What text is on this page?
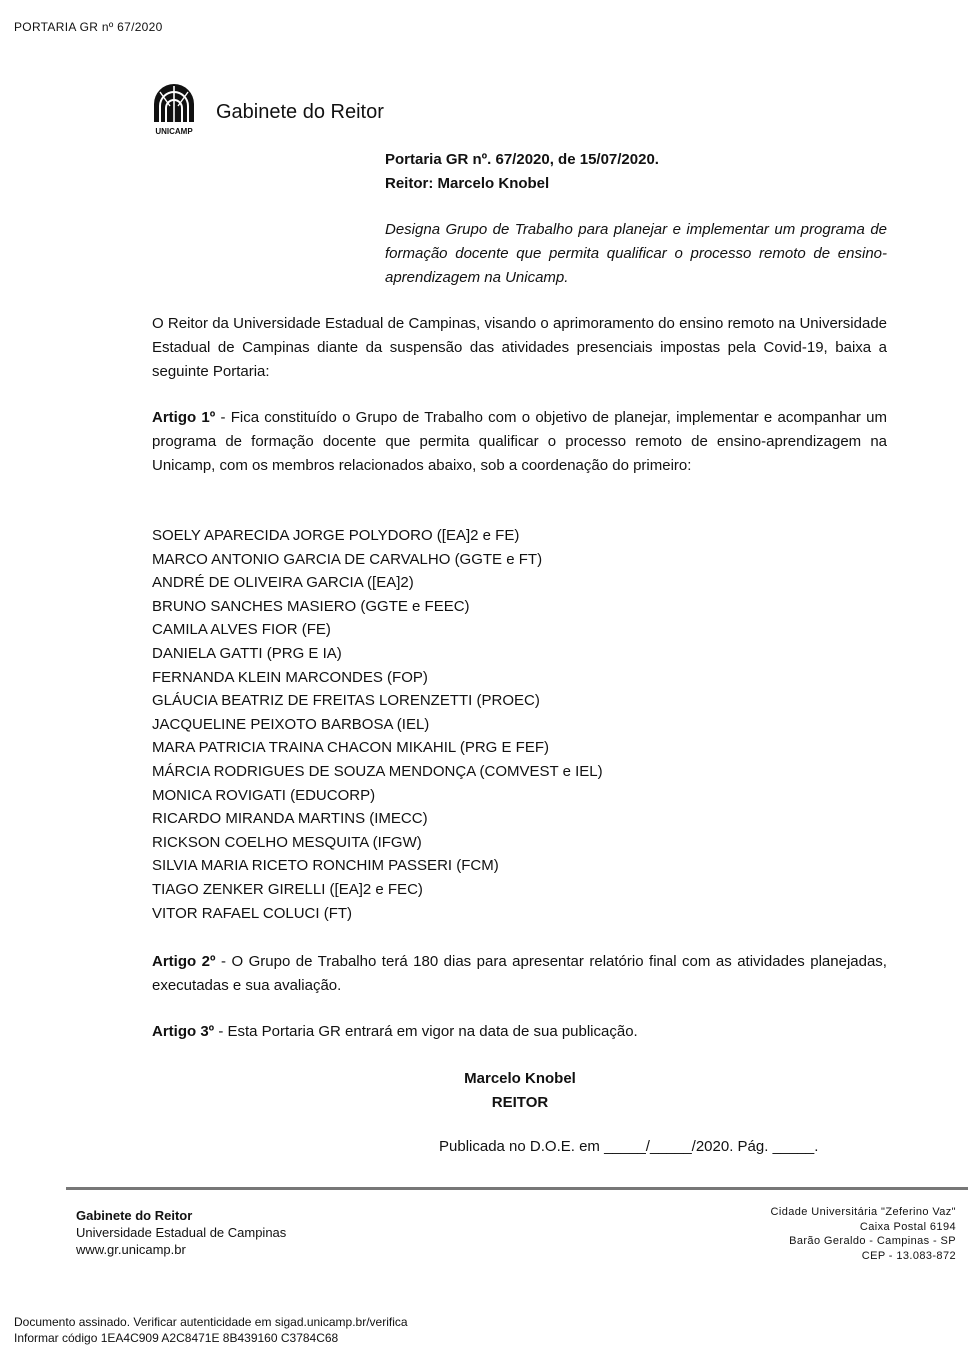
PORTARIA GR nº 67/2020
UNICAMP
Gabinete do Reitor
Portaria GR nº. 67/2020, de 15/07/2020.
Reitor: Marcelo Knobel
Designa Grupo de Trabalho para planejar e implementar um programa de formação docente que permita qualificar o processo remoto de ensino-aprendizagem na Unicamp.
O Reitor da Universidade Estadual de Campinas, visando o aprimoramento do ensino remoto na Universidade Estadual de Campinas diante da suspensão das atividades presenciais impostas pela Covid-19, baixa a seguinte Portaria:
Artigo 1º - Fica constituído o Grupo de Trabalho com o objetivo de planejar, implementar e acompanhar um programa de formação docente que permita qualificar o processo remoto de ensino-aprendizagem na Unicamp, com os membros relacionados abaixo, sob a coordenação do primeiro:
SOELY APARECIDA JORGE POLYDORO ([EA]2 e FE)
MARCO ANTONIO GARCIA DE CARVALHO (GGTE e FT)
ANDRÉ DE OLIVEIRA GARCIA ([EA]2)
BRUNO SANCHES MASIERO (GGTE e FEEC)
CAMILA ALVES FIOR (FE)
DANIELA GATTI (PRG E IA)
FERNANDA KLEIN MARCONDES (FOP)
GLÁUCIA BEATRIZ DE FREITAS LORENZETTI (PROEC)
JACQUELINE PEIXOTO BARBOSA (IEL)
MARA PATRICIA TRAINA CHACON MIKAHIL (PRG E FEF)
MÁRCIA RODRIGUES DE SOUZA MENDONÇA (COMVEST e IEL)
MONICA ROVIGATI (EDUCORP)
RICARDO MIRANDA MARTINS (IMECC)
RICKSON COELHO MESQUITA (IFGW)
SILVIA MARIA RICETO RONCHIM PASSERI (FCM)
TIAGO ZENKER GIRELLI ([EA]2 e FEC)
VITOR RAFAEL COLUCI (FT)
Artigo 2º - O Grupo de Trabalho terá 180 dias para apresentar relatório final com as atividades planejadas, executadas e sua avaliação.
Artigo 3º - Esta Portaria GR entrará em vigor na data de sua publicação.
Marcelo Knobel
REITOR
Publicada no D.O.E. em _____/_____/2020. Pág. _____.
Gabinete do Reitor
Universidade Estadual de Campinas
www.gr.unicamp.br
Cidade Universitária "Zeferino Vaz"
Caixa Postal 6194
Barão Geraldo - Campinas - SP
CEP - 13.083-872
Documento assinado. Verificar autenticidade em sigad.unicamp.br/verifica
Informar código 1EA4C909 A2C8471E 8B439160 C3784C68
